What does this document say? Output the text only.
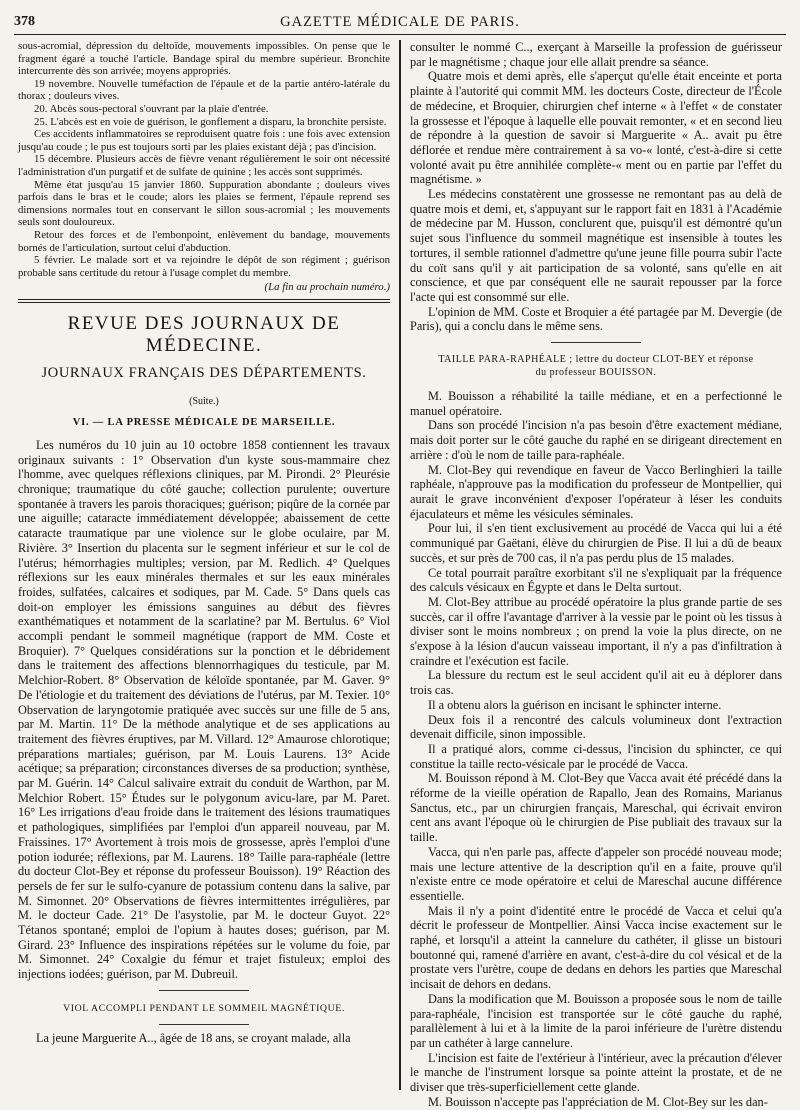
378	GAZETTE MÉDICALE DE PARIS.

sous-acromial, dépression du deltoïde, mouvements impossibles. On pense que le fragment égaré a touché l'article. Bandage spiral du membre supérieur. Bronchite intercurrente dès son arrivée; moyens appropriés.

19 novembre. Nouvelle tuméfaction de l'épaule et de la partie antéro-latérale du thorax ; douleurs vives.

20. Abcès sous-pectoral s'ouvrant par la plaie d'entrée.

25. L'abcès est en voie de guérison, le gonflement a disparu, la bronchite persiste.

Ces accidents inflammatoires se reproduisent quatre fois : une fois avec extension jusqu'au coude ; le pus est toujours sorti par les plaies existant déjà ; pas d'incision.

15 décembre. Plusieurs accès de fièvre venant régulièrement le soir ont nécessité l'administration d'un purgatif et de sulfate de quinine ; les accès sont supprimés.

Même état jusqu'au 15 janvier 1860. Suppuration abondante ; douleurs vives parfois dans le bras et le coude; alors les plaies se ferment, l'épaule reprend ses dimensions normales tout en conservant le sillon sous-acromial ; les mouvements seuls sont douloureux.

Retour des forces et de l'embonpoint, enlèvement du bandage, mouvements bornés de l'articulation, surtout celui d'abduction.

5 février. Le malade sort et va rejoindre le dépôt de son régiment ; guérison probable sans certitude du retour à l'usage complet du membre.

(La fin au prochain numéro.)

REVUE DES JOURNAUX DE MÉDECINE.
JOURNAUX FRANÇAIS DES DÉPARTEMENTS.
(Suite.)
VI. — LA PRESSE MÉDICALE DE MARSEILLE.

Les numéros du 10 juin au 10 octobre 1858 contiennent les travaux originaux suivants : 1° Observation d'un kyste sous-mammaire chez l'homme, avec quelques réflexions cliniques, par M. Pirondi. 2° Pleurésie chronique; traumatique du côté gauche; collection purulente; ouverture spontanée à travers les parois thoraciques; guérison; piqûre de la cornée par une aiguille; cataracte immédiatement développée; abaissement de cette cataracte traumatique par une violence sur le globe oculaire, par M. Rivière. 3° Insertion du placenta sur le segment inférieur et sur le col de l'utérus; hémorrhagies multiples; version, par M. Redlich. 4° Quelques réflexions sur les eaux minérales thermales et sur les eaux minérales froides, sulfatées, calcaires et sodiques, par M. Cade. 5° Dans quels cas doit-on employer les émissions sanguines au début des fièvres exanthématiques et notamment de la scarlatine? par M. Bertulus. 6° Viol accompli pendant le sommeil magnétique (rapport de MM. Coste et Broquier). 7° Quelques considérations sur la ponction et le débridement dans le traitement des affections blennorrhagiques du testicule, par M. Melchior-Robert. 8° Observation de kéloïde spontanée, par M. Gaver. 9° De l'étiologie et du traitement des déviations de l'utérus, par M. Texier. 10° Observation de laryngotomie pratiquée avec succès sur une fille de 5 ans, par M. Martin. 11° De la méthode analytique et de ses applications au traitement des fièvres éruptives, par M. Villard. 12° Amaurose chlorotique; préparations martiales; guérison, par M. Louis Laurens. 13° Acide acétique; sa préparation; circonstances diverses de sa production; synthèse, par M. Guérin. 14° Calcul salivaire extrait du conduit de Warthon, par M. Melchior Robert. 15° Études sur le polygonum avicu-lare, par M. Paret. 16° Les irrigations d'eau froide dans le traitement des lésions traumatiques et pathologiques, simplifiées par l'emploi d'un appareil nouveau, par M. Fraissines. 17° Avortement à trois mois de grossesse, après l'emploi d'une potion iodurée; réflexions, par M. Laurens. 18° Taille para-raphéale (lettre du docteur Clot-Bey et réponse du professeur Bouisson). 19° Réaction des persels de fer sur le sulfo-cyanure de potassium contenu dans la salive, par M. Simonnet. 20° Observations de fièvres intermittentes irrégulières, par M. le docteur Cade. 21° De l'asystolie, par M. le docteur Guyot. 22° Tétanos spontané; emploi de l'opium à hautes doses; guérison, par M. Girard. 23° Influence des inspirations répétées sur le volume du foie, par M. Simonnet. 24° Coxalgie du fémur et trajet fistuleux; emploi des injections iodées; guérison, par M. Dubreuil.

VIOL ACCOMPLI PENDANT LE SOMMEIL MAGNÉTIQUE.

La jeune Marguerite A.., âgée de 18 ans, se croyant malade, alla

consulter le nommé C.., exerçant à Marseille la profession de guérisseur par le magnétisme ; chaque jour elle allait prendre sa séance.

Quatre mois et demi après, elle s'aperçut qu'elle était enceinte et porta plainte à l'autorité qui commit MM. les docteurs Coste, directeur de l'École de médecine, et Broquier, chirurgien chef interne « à l'effet « de constater la grossesse et l'époque à laquelle elle pouvait remonter, « et en second lieu de répondre à la question de savoir si Marguerite « A.. avait pu être déflorée et rendue mère contrairement à sa vo-« lonté, c'est-à-dire si cette volonté avait pu être annihilée complète-« ment ou en partie par l'effet du magnétisme. »

Les médecins constatèrent une grossesse ne remontant pas au delà de quatre mois et demi, et, s'appuyant sur le rapport fait en 1831 à l'Académie de médecine par M. Husson, conclurent que, puisqu'il est démontré qu'un sujet sous l'influence du sommeil magnétique est insensible à toutes les tortures, il semble rationnel d'admettre qu'une jeune fille pourra subir l'acte du coït sans qu'il y ait participation de sa volonté, sans qu'elle en ait conscience, et que par conséquent elle ne saurait repousser par la force l'acte qui est consommé sur elle.

L'opinion de MM. Coste et Broquier a été partagée par M. Devergie (de Paris), qui a conclu dans le même sens.

TAILLE PARA-RAPHÉALE ; lettre du docteur CLOT-BEY et réponse
du professeur BOUISSON.

M. Bouisson a réhabilité la taille médiane, et en a perfectionné le manuel opératoire.

Dans son procédé l'incision n'a pas besoin d'être exactement médiane, mais doit porter sur le côté gauche du raphé en se dirigeant directement en arrière : d'où le nom de taille para-raphéale.

M. Clot-Bey qui revendique en faveur de Vacco Berlinghieri la taille raphéale, n'approuve pas la modification du professeur de Montpellier, qui aurait le grave inconvénient d'exposer l'opérateur à léser les conduits éjaculateurs et même les vésicules séminales.

Pour lui, il s'en tient exclusivement au procédé de Vacca qui lui a été communiqué par Gaëtani, élève du chirurgien de Pise. Il lui a dû de beaux succès, et sur près de 700 cas, il n'a pas perdu plus de 15 malades.

Ce total pourrait paraître exorbitant s'il ne s'expliquait par la fréquence des calculs vésicaux en Égypte et dans le Delta surtout.

M. Clot-Bey attribue au procédé opératoire la plus grande partie de ses succès, car il offre l'avantage d'arriver à la vessie par le point où les tissus à diviser sont le moins nombreux ; on prend la voie la plus directe, on ne s'expose à la lésion d'aucun vaisseau important, il n'y a pas d'infiltration à craindre et l'exécution est facile.

La blessure du rectum est le seul accident qu'il ait eu à déplorer dans trois cas.

Il a obtenu alors la guérison en incisant le sphincter interne.

Deux fois il a rencontré des calculs volumineux dont l'extraction devenait difficile, sinon impossible.

Il a pratiqué alors, comme ci-dessus, l'incision du sphincter, ce qui constitue la taille recto-vésicale par le procédé de Vacca.

M. Bouisson répond à M. Clot-Bey que Vacca avait été précédé dans la réforme de la vieille opération de Rapallo, Jean des Romains, Marianus Sanctus, etc., par un chirurgien français, Mareschal, qui écrivait environ cent ans avant l'époque où le chirurgien de Pise publiait des travaux sur la taille.

Vacca, qui n'en parle pas, affecte d'appeler son procédé nouveau mode; mais une lecture attentive de la description qu'il en a faite, prouve qu'il n'existe entre ce mode opératoire et celui de Mareschal aucune différence essentielle.

Mais il n'y a point d'identité entre le procédé de Vacca et celui qu'a décrit le professeur de Montpellier. Ainsi Vacca incise exactement sur le raphé, et lorsqu'il a atteint la cannelure du cathéter, il glisse un bistouri boutonné qui, ramené d'arrière en avant, c'est-à-dire du col vésical et de la prostate vers l'urètre, coupe de dedans en dehors les parties que Mareschal incisait de dehors en dedans.

Dans la modification que M. Bouisson a proposée sous le nom de taille para-raphéale, l'incision est transportée sur le côté gauche du raphé, parallèlement à lui et à la limite de la paroi inférieure de l'urètre distendu par un cathéter à large cannelure.

L'incision est faite de l'extérieur à l'intérieur, avec la précaution d'élever le manche de l'instrument lorsque sa pointe atteint la prostate, et de ne diviser que très-superficiellement cette glande.

M. Bouisson n'accepte pas l'appréciation de M. Clot-Bey sur les dan-
